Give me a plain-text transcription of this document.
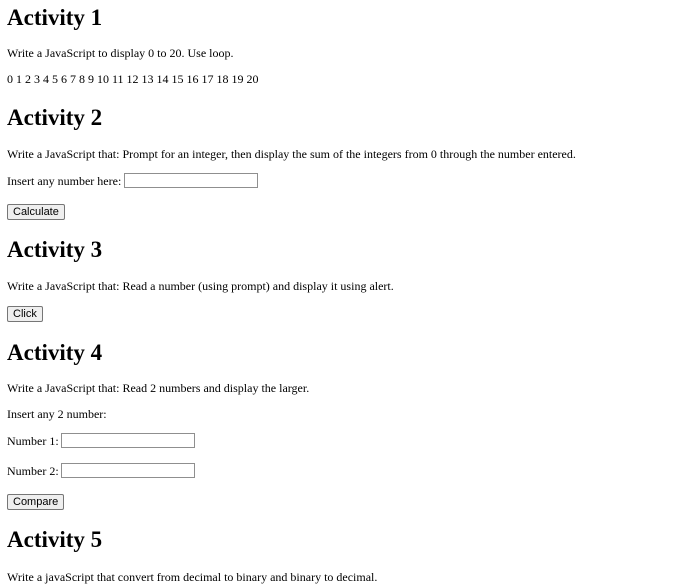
Activity 1
Write a JavaScript to display 0 to 20. Use loop.
0 1 2 3 4 5 6 7 8 9 10 11 12 13 14 15 16 17 18 19 20
Activity 2
Write a JavaScript that: Prompt for an integer, then display the sum of the integers from 0 through the number entered.
Insert any number here:
Calculate
Activity 3
Write a JavaScript that: Read a number (using prompt) and display it using alert.
Click
Activity 4
Write a JavaScript that: Read 2 numbers and display the larger.
Insert any 2 number:
Number 1:
Number 2:
Compare
Activity 5
Write a javaScript that convert from decimal to binary and binary to decimal.
